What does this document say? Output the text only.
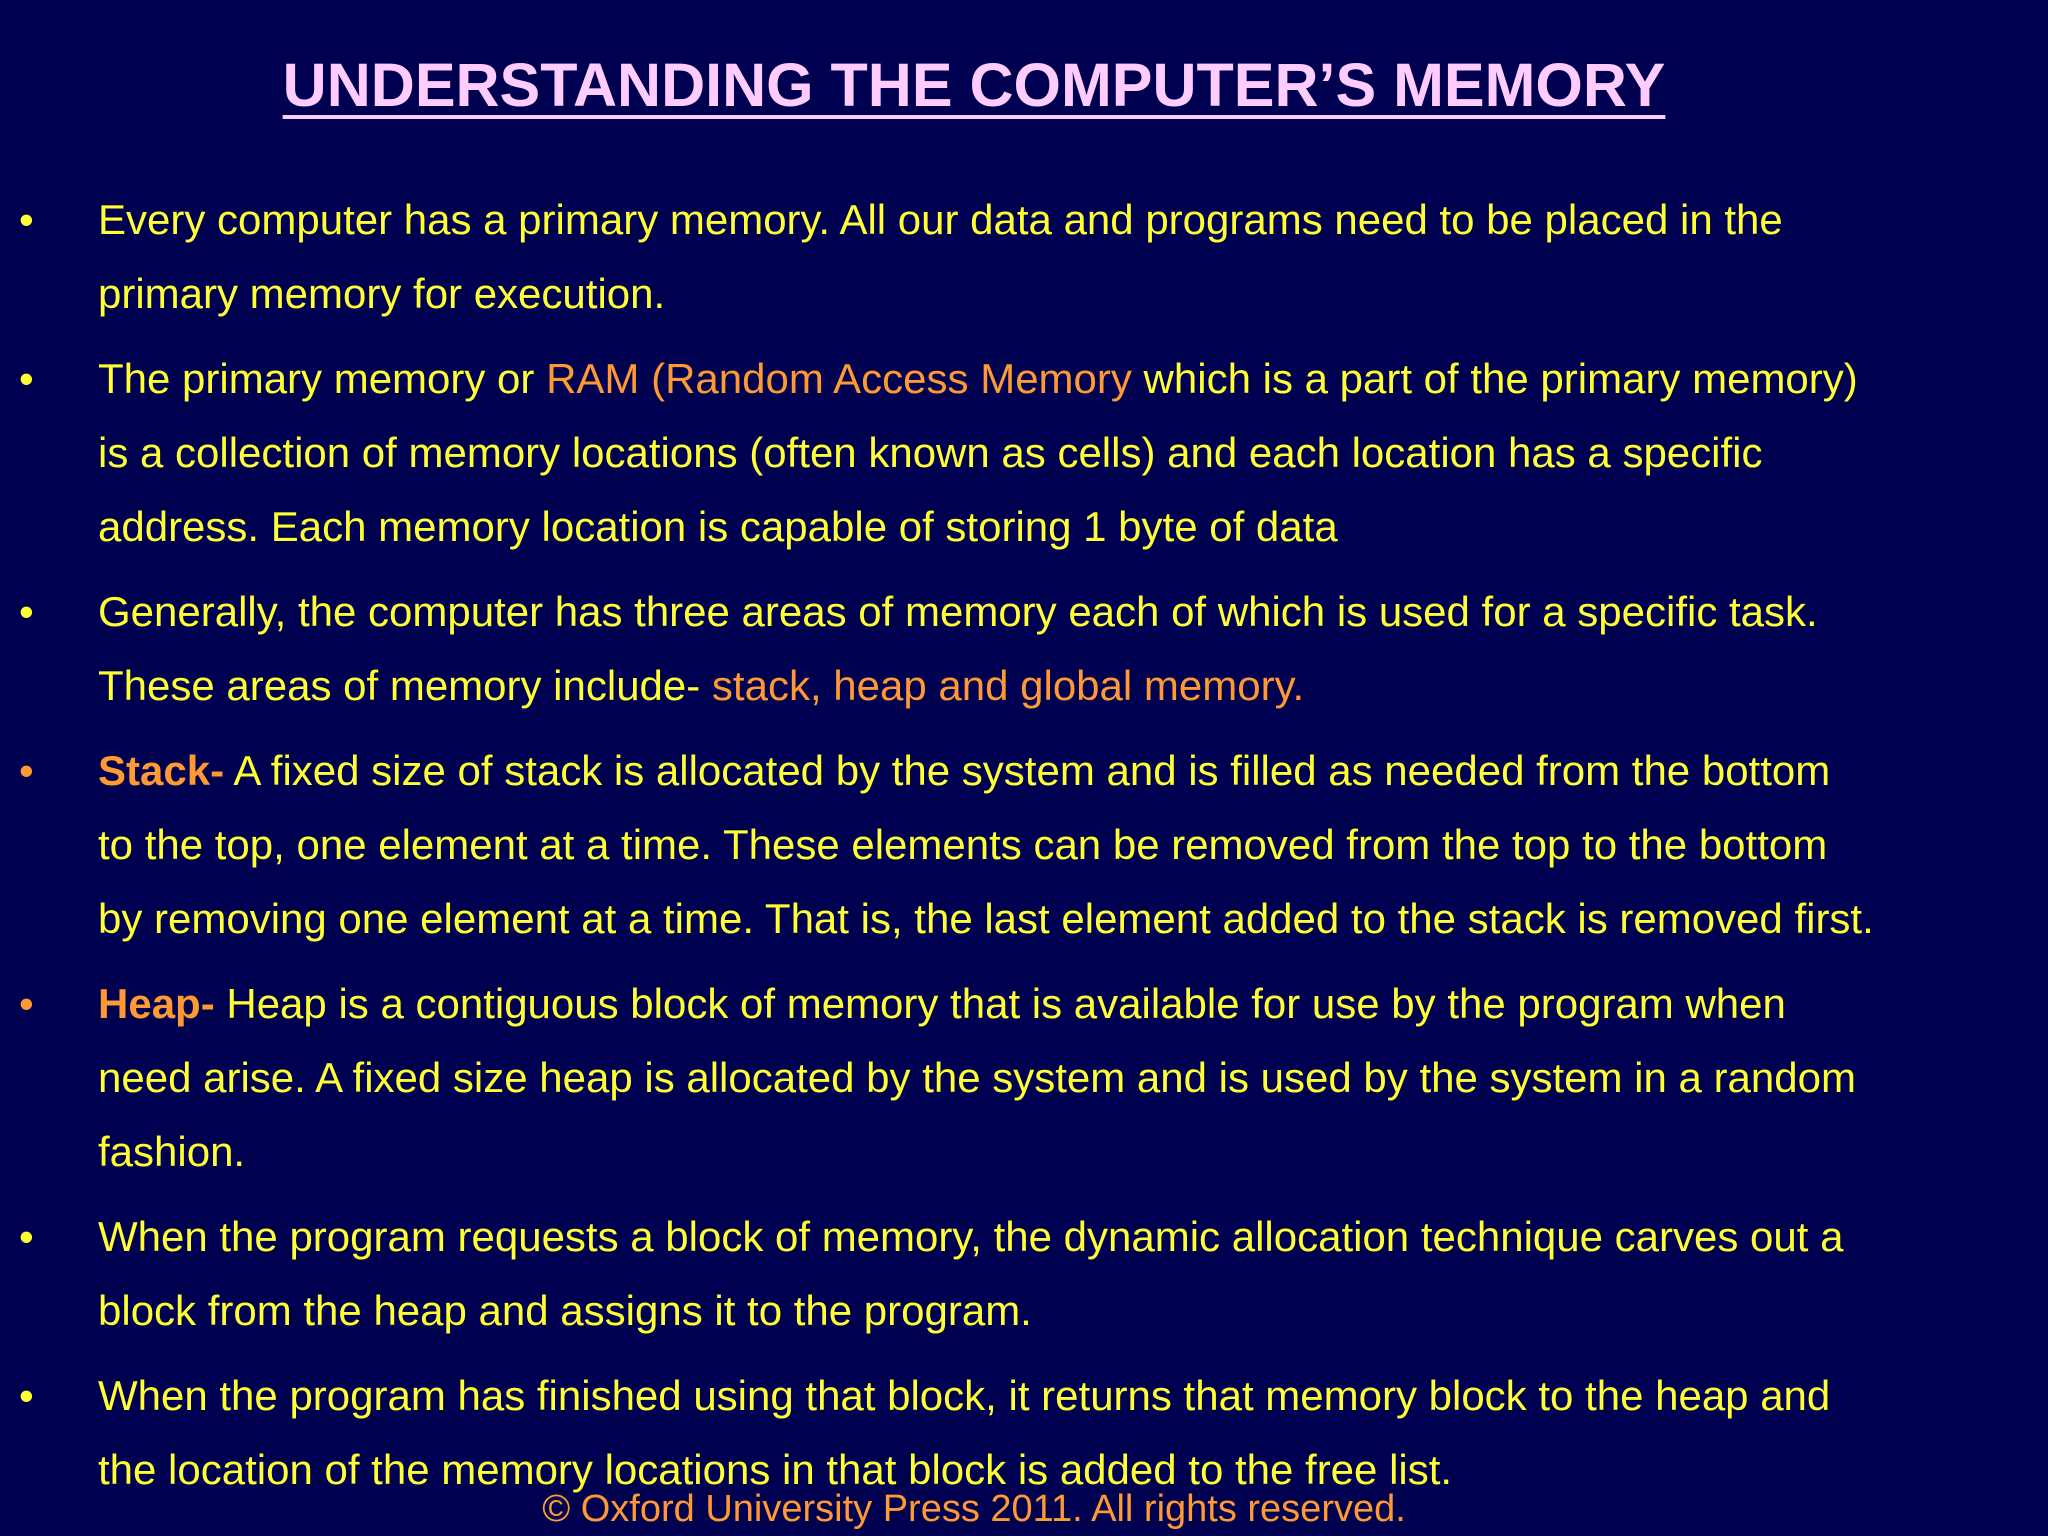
UNDERSTANDING THE COMPUTER’S MEMORY
•	Every computer has a primary memory. All our data and programs need to be placed in the
primary memory for execution.
•	The primary memory or RAM (Random Access Memory which is a part of the primary memory)
is a collection of memory locations (often known as cells) and each location has a specific
address. Each memory location is capable of storing 1 byte of data
•	Generally, the computer has three areas of memory each of which is used for a specific task.
These areas of memory include- stack, heap and global memory.
•	Stack- A fixed size of stack is allocated by the system and is filled as needed from the bottom
to the top, one element at a time. These elements can be removed from the top to the bottom
by removing one element at a time. That is, the last element added to the stack is removed first.
•	Heap- Heap is a contiguous block of memory that is available for use by the program when
need arise. A fixed size heap is allocated by the system and is used by the system in a random
fashion.
•	When the program requests a block of memory, the dynamic allocation technique carves out a
block from the heap and assigns it to the program.
•	When the program has finished using that block, it returns that memory block to the heap and
the location of the memory locations in that block is added to the free list.
© Oxford University Press 2011. All rights reserved.
